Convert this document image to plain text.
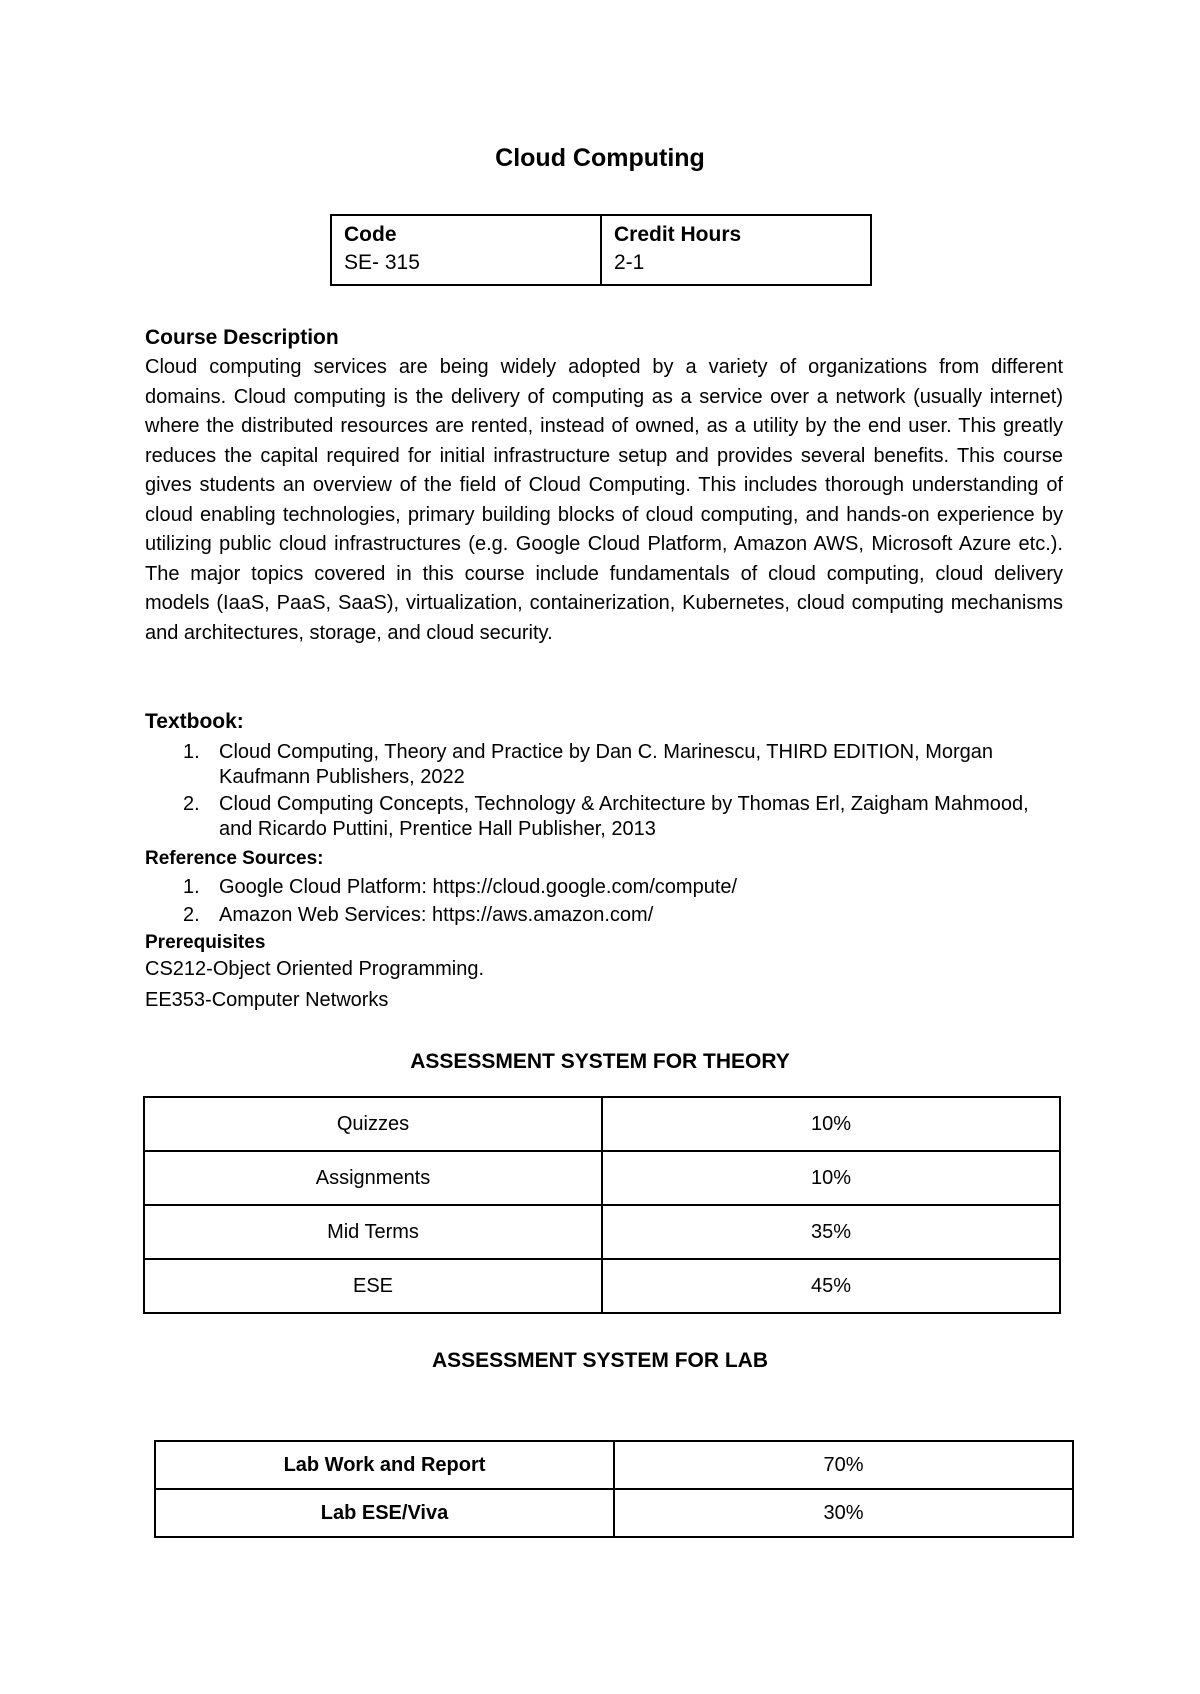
Cloud Computing
Code
SE- 315

Credit Hours
2-1
Course Description
Cloud computing services are being widely adopted by a variety of organizations from different domains. Cloud computing is the delivery of computing as a service over a network (usually internet) where the distributed resources are rented, instead of owned, as a utility by the end user. This greatly reduces the capital required for initial infrastructure setup and provides several benefits. This course gives students an overview of the field of Cloud Computing. This includes thorough understanding of cloud enabling technologies, primary building blocks of cloud computing, and hands-on experience by utilizing public cloud infrastructures (e.g. Google Cloud Platform, Amazon AWS, Microsoft Azure etc.). The major topics covered in this course include fundamentals of cloud computing, cloud delivery models (IaaS, PaaS, SaaS), virtualization, containerization, Kubernetes, cloud computing mechanisms and architectures, storage, and cloud security.
Textbook:
1. Cloud Computing, Theory and Practice by Dan C. Marinescu, THIRD EDITION, Morgan Kaufmann Publishers, 2022
2. Cloud Computing Concepts, Technology & Architecture by Thomas Erl, Zaigham Mahmood, and Ricardo Puttini, Prentice Hall Publisher, 2013
Reference Sources:
1. Google Cloud Platform: https://cloud.google.com/compute/
2. Amazon Web Services: https://aws.amazon.com/
Prerequisites
CS212-Object Oriented Programming.
EE353-Computer Networks
ASSESSMENT SYSTEM FOR THEORY
Quizzes	10%
Assignments	10%
Mid Terms	35%
ESE	45%
ASSESSMENT SYSTEM FOR LAB
Lab Work and Report	70%
Lab ESE/Viva	30%
